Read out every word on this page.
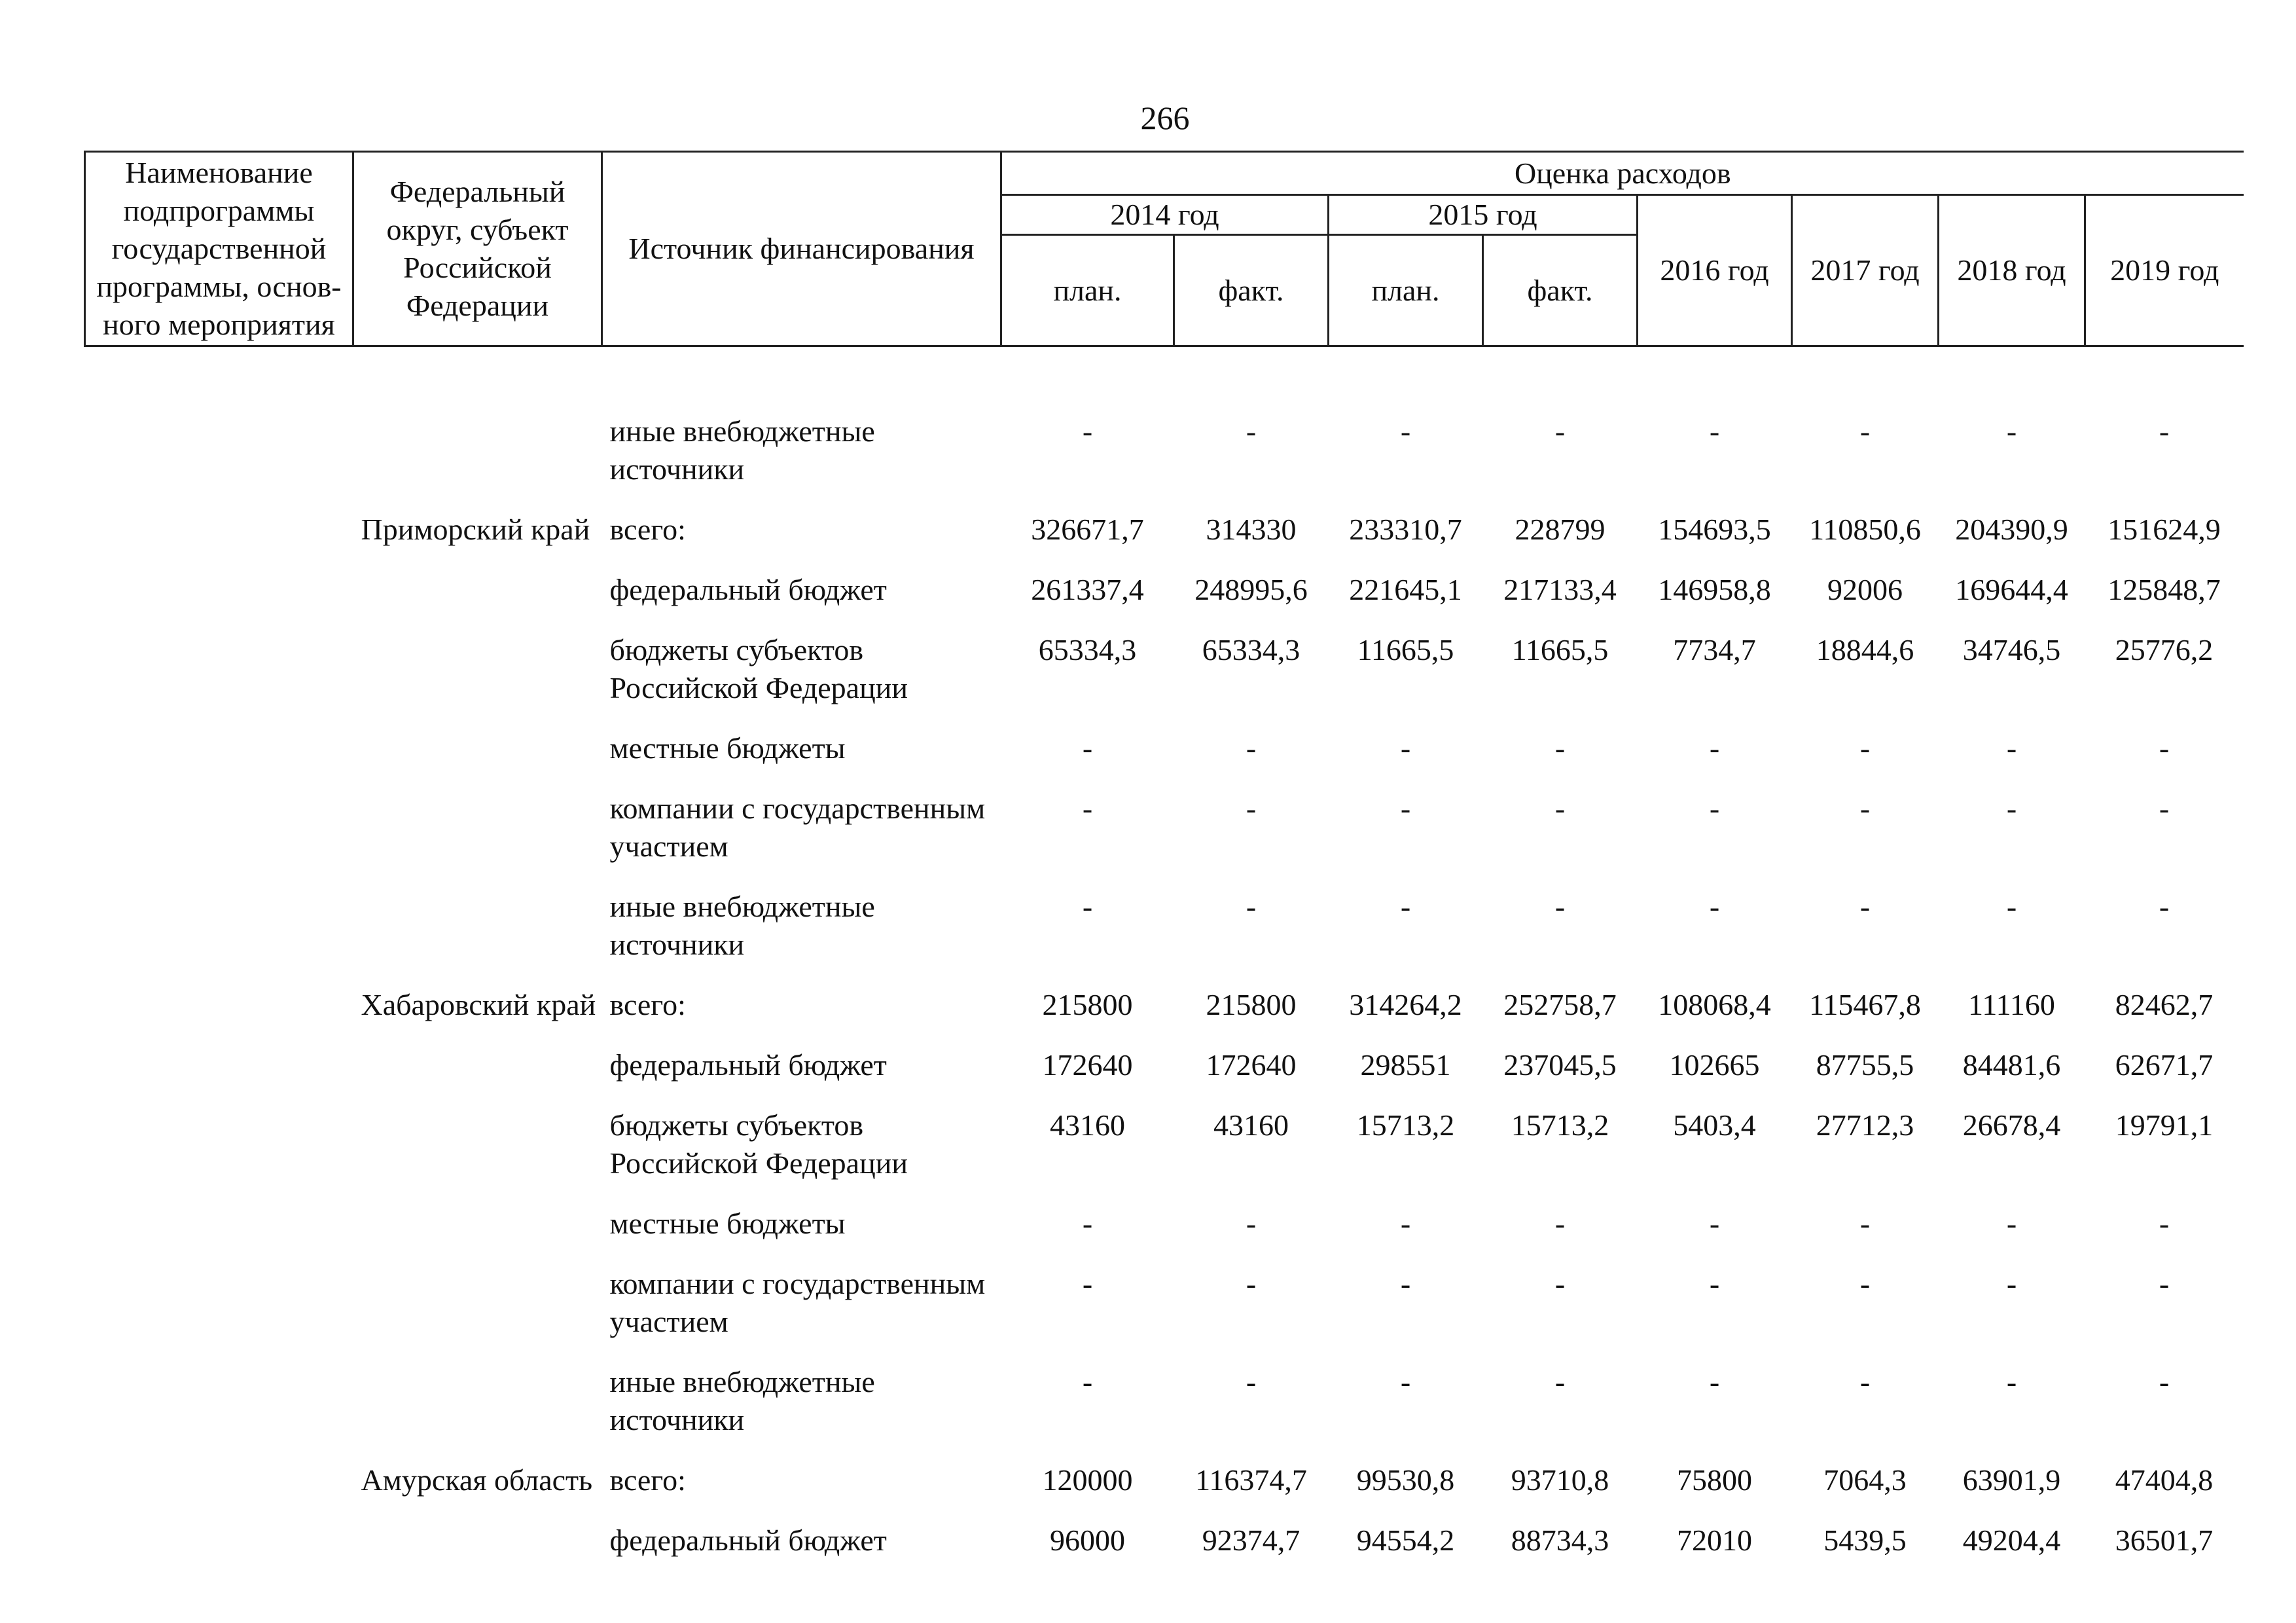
266
Наименование подпрограммы государственной программы, основ-ного мероприятия	Федеральный округ, субъект Российской Федерации	Источник финансирования	Оценка расходов							
			2014 год		2015 год		2016 год	2017 год	2018 год	2019 год
			план.	факт.	план.	факт.				

		иные внебюджетные источники	-	-	-	-	-	-	-	-
	Приморский край	всего:	326671,7	314330	233310,7	228799	154693,5	110850,6	204390,9	151624,9
		федеральный бюджет	261337,4	248995,6	221645,1	217133,4	146958,8	92006	169644,4	125848,7
		бюджеты субъектов Российской Федерации	65334,3	65334,3	11665,5	11665,5	7734,7	18844,6	34746,5	25776,2
		местные бюджеты	-	-	-	-	-	-	-	-
		компании с государственным участием	-	-	-	-	-	-	-	-
		иные внебюджетные источники	-	-	-	-	-	-	-	-
	Хабаровский край	всего:	215800	215800	314264,2	252758,7	108068,4	115467,8	111160	82462,7
		федеральный бюджет	172640	172640	298551	237045,5	102665	87755,5	84481,6	62671,7
		бюджеты субъектов Российской Федерации	43160	43160	15713,2	15713,2	5403,4	27712,3	26678,4	19791,1
		местные бюджеты	-	-	-	-	-	-	-	-
		компании с государственным участием	-	-	-	-	-	-	-	-
		иные внебюджетные источники	-	-	-	-	-	-	-	-
	Амурская область	всего:	120000	116374,7	99530,8	93710,8	75800	7064,3	63901,9	47404,8
		федеральный бюджет	96000	92374,7	94554,2	88734,3	72010	5439,5	49204,4	36501,7
